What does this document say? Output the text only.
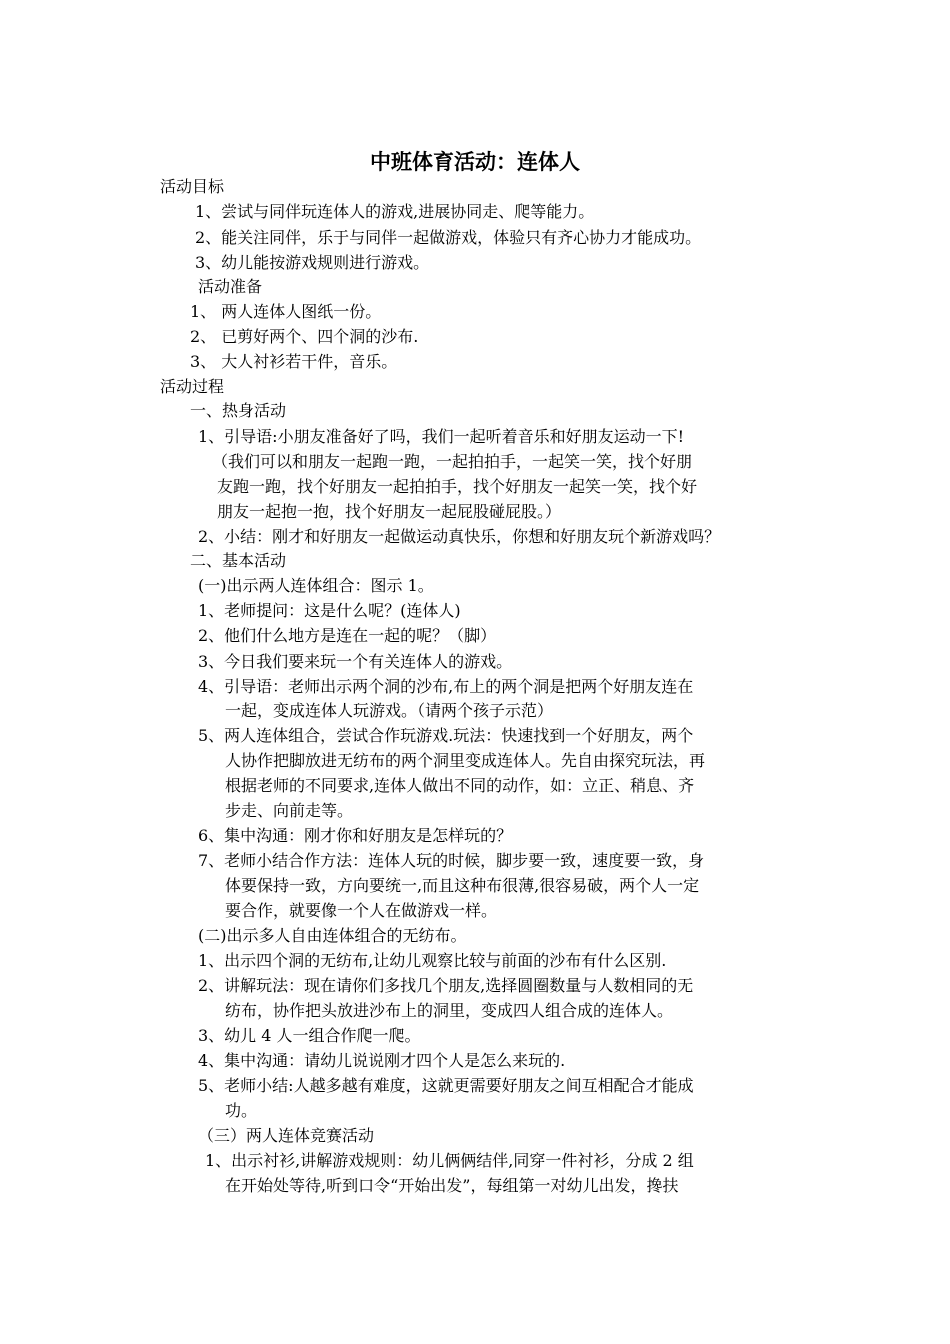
中班体育活动：连体人
活动目标
1、尝试与同伴玩连体人的游戏,进展协同走、爬等能力。
2、能关注同伴，乐于与同伴一起做游戏，体验只有齐心协力才能成功。
3、幼儿能按游戏规则进行游戏。
活动准备
1、 两人连体人图纸一份。
2、 已剪好两个、四个洞的沙布.
3、 大人衬衫若干件，音乐。
活动过程
一、热身活动
1、引导语:小朋友准备好了吗，我们一起听着音乐和好朋友运动一下!
（我们可以和朋友一起跑一跑，一起拍拍手，一起笑一笑，找个好朋
友跑一跑，找个好朋友一起拍拍手，找个好朋友一起笑一笑，找个好
朋友一起抱一抱，找个好朋友一起屁股碰屁股。）
2、小结：刚才和好朋友一起做运动真快乐，你想和好朋友玩个新游戏吗？
二、基本活动
(一)出示两人连体组合：图示 1。
1、老师提问：这是什么呢？(连体人)
2、他们什么地方是连在一起的呢？（脚）
3、今日我们要来玩一个有关连体人的游戏。
4、引导语：老师出示两个洞的沙布,布上的两个洞是把两个好朋友连在
一起，变成连体人玩游戏。（请两个孩子示范）
5、两人连体组合，尝试合作玩游戏.玩法：快速找到一个好朋友，两个
人协作把脚放进无纺布的两个洞里变成连体人。先自由探究玩法，再
根据老师的不同要求,连体人做出不同的动作，如：立正、稍息、齐
步走、向前走等。
6、集中沟通：刚才你和好朋友是怎样玩的？
7、老师小结合作方法：连体人玩的时候，脚步要一致，速度要一致，身
体要保持一致，方向要统一,而且这种布很薄,很容易破，两个人一定
要合作，就要像一个人在做游戏一样。
(二)出示多人自由连体组合的无纺布。
1、出示四个洞的无纺布,让幼儿观察比较与前面的沙布有什么区别.
2、讲解玩法：现在请你们多找几个朋友,选择圆圈数量与人数相同的无
纺布，协作把头放进沙布上的洞里，变成四人组合成的连体人。
3、幼儿 4 人一组合作爬一爬。
4、集中沟通：请幼儿说说刚才四个人是怎么来玩的.
5、老师小结:人越多越有难度，这就更需要好朋友之间互相配合才能成
功。
（三）两人连体竞赛活动
1、出示衬衫,讲解游戏规则：幼儿俩俩结伴,同穿一件衬衫，分成 2 组
在开始处等待,听到口令“开始出发”，每组第一对幼儿出发，搀扶
